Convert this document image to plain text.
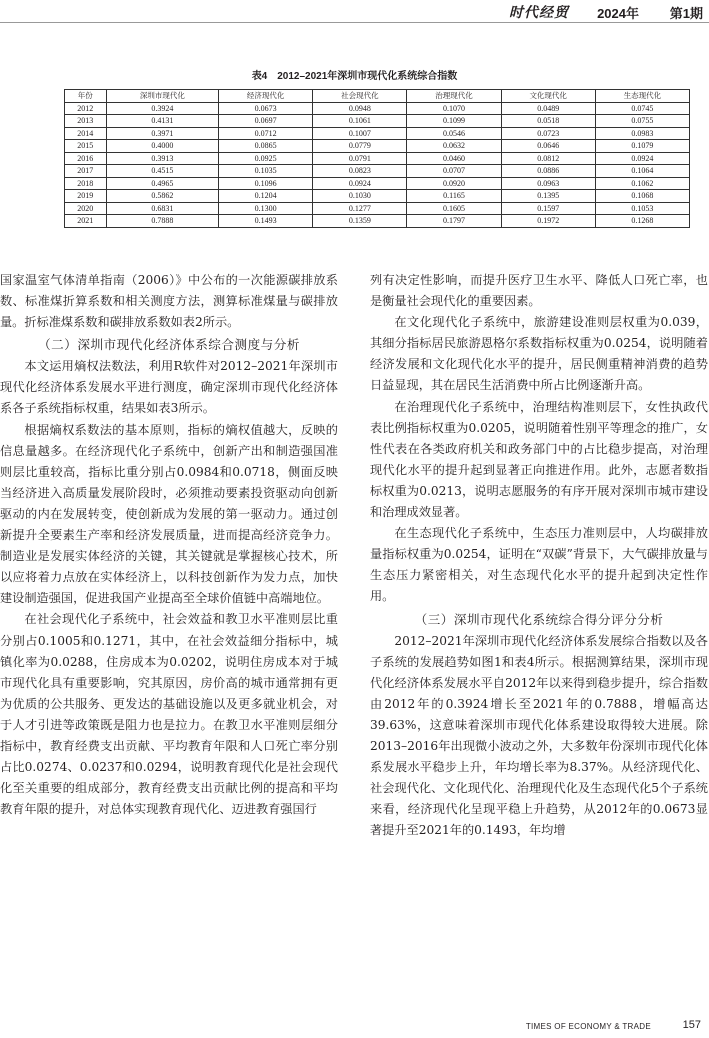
时代经贸 2024年 第1期
表4　2012–2021年深圳市现代化系统综合指数
年份	深圳市现代化	经济现代化	社会现代化	治理现代化	文化现代化	生态现代化
2012	0.3924	0.0673	0.0948	0.1070	0.0489	0.0745
2013	0.4131	0.0697	0.1061	0.1099	0.0518	0.0755
2014	0.3971	0.0712	0.1007	0.0546	0.0723	0.0983
2015	0.4000	0.0865	0.0779	0.0632	0.0646	0.1079
2016	0.3913	0.0925	0.0791	0.0460	0.0812	0.0924
2017	0.4515	0.1035	0.0823	0.0707	0.0886	0.1064
2018	0.4965	0.1096	0.0924	0.0920	0.0963	0.1062
2019	0.5862	0.1204	0.1030	0.1165	0.1395	0.1068
2020	0.6831	0.1300	0.1277	0.1605	0.1597	0.1053
2021	0.7888	0.1493	0.1359	0.1797	0.1972	0.1268

国家温室气体清单指南（2006）》中公布的一次能源碳排放系数、标准煤折算系数和相关测度方法，测算标准煤量与碳排放量。折标准煤系数和碳排放系数如表2所示。

（二）深圳市现代化经济体系综合测度与分析

本文运用熵权法数法，利用R软件对2012–2021年深圳市现代化经济体系发展水平进行测度，确定深圳市现代化经济体系各子系统指标权重，结果如表3所示。

根据熵权系数法的基本原则，指标的熵权值越大，反映的信息量越多。在经济现代化子系统中，创新产出和制造强国准则层比重较高，指标比重分别占0.0984和0.0718，侧面反映当经济进入高质量发展阶段时，必须推动要素投资驱动向创新驱动的内在发展转变，使创新成为发展的第一驱动力。通过创新提升全要素生产率和经济发展质量，进而提高经济竞争力。制造业是发展实体经济的关键，其关键就是掌握核心技术，所以应将着力点放在实体经济上，以科技创新作为发力点，加快建设制造强国，促进我国产业提高至全球价值链中高端地位。

在社会现代化子系统中，社会效益和教卫水平准则层比重分别占0.1005和0.1271，其中，在社会效益细分指标中，城镇化率为0.0288，住房成本为0.0202，说明住房成本对于城市现代化具有重要影响，究其原因，房价高的城市通常拥有更为优质的公共服务、更发达的基础设施以及更多就业机会，对于人才引进等政策既是阻力也是拉力。在教卫水平准则层细分指标中，教育经费支出贡献、平均教育年限和人口死亡率分别占比0.0274、0.0237和0.0294，说明教育现代化是社会现代化至关重要的组成部分，教育经费支出贡献比例的提高和平均教育年限的提升，对总体实现教育现代化、迈进教育强国行

列有决定性影响，而提升医疗卫生水平、降低人口死亡率，也是衡量社会现代化的重要因素。

在文化现代化子系统中，旅游建设准则层权重为0.039，其细分指标居民旅游恩格尔系数指标权重为0.0254，说明随着经济发展和文化现代化水平的提升，居民侧重精神消费的趋势日益显现，其在居民生活消费中所占比例逐渐升高。

在治理现代化子系统中，治理结构准则层下，女性执政代表比例指标权重为0.0205，说明随着性别平等理念的推广，女性代表在各类政府机关和政务部门中的占比稳步提高，对治理现代化水平的提升起到显著正向推进作用。此外，志愿者数指标权重为0.0213，说明志愿服务的有序开展对深圳市城市建设和治理成效显著。

在生态现代化子系统中，生态压力准则层中，人均碳排放量指标权重为0.0254，证明在“双碳”背景下，大气碳排放量与生态压力紧密相关，对生态现代化水平的提升起到决定性作用。

（三）深圳市现代化系统综合得分评分分析

2012–2021年深圳市现代化经济体系发展综合指数以及各子系统的发展趋势如图1和表4所示。根据测算结果，深圳市现代化经济体系发展水平自2012年以来得到稳步提升，综合指数由2012年的0.3924增长至2021年的0.7888，增幅高达39.63%，这意味着深圳市现代化体系建设取得较大进展。除2013–2016年出现微小波动之外，大多数年份深圳市现代化体系发展水平稳步上升，年均增长率为8.37%。从经济现代化、社会现代化、文化现代化、治理现代化及生态现代化5个子系统来看，经济现代化呈现平稳上升趋势，从2012年的0.0673显著提升至2021年的0.1493，年均增

TIMES OF ECONOMY & TRADE	157
